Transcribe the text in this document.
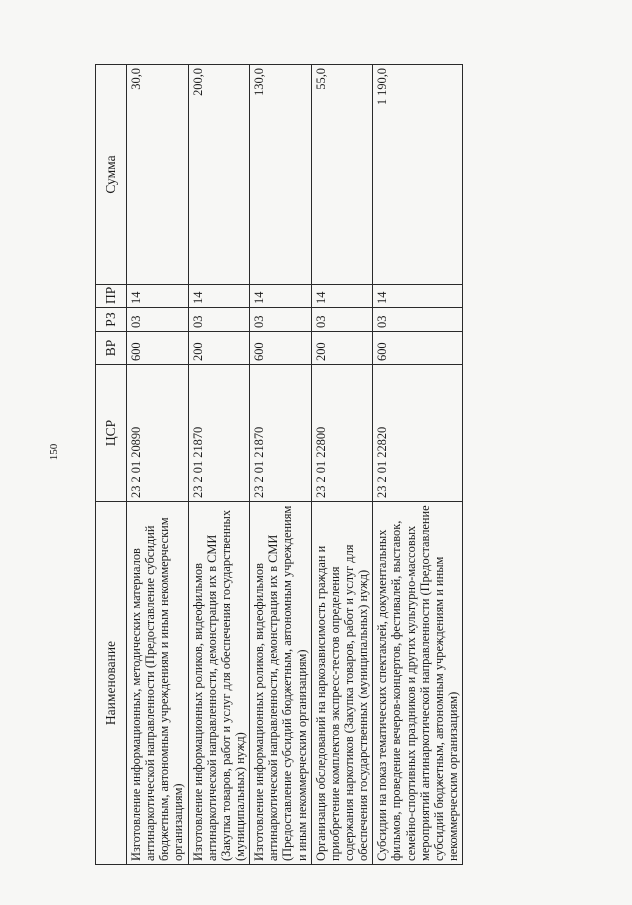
150
Наименование	ЦСР	ВР	РЗ	ПР	Сумма
Изготовление информационных, методических материалов антинаркотической направленности (Предоставление субсидий бюджетным, автономным учреждениям и иным некоммерческим организациям)	23 2 01 20890	600	03	14	30,0
Изготовление информационных роликов, видеофильмов антинаркотической направленности, демонстрация их в СМИ (Закупка товаров, работ и услуг для обеспечения государственных (муниципальных) нужд)	23 2 01 21870	200	03	14	200,0
Изготовление информационных роликов, видеофильмов антинаркотической направленности, демонстрация их в СМИ (Предоставление субсидий бюджетным, автономным учреждениям и иным некоммерческим организациям)	23 2 01 21870	600	03	14	130,0
Организация обследований на наркозависимость граждан и приобретение комплектов экспресс-тестов определения содержания наркотиков (Закупка товаров, работ и услуг для обеспечения государственных (муниципальных) нужд)	23 2 01 22800	200	03	14	55,0
Субсидии на показ тематических спектаклей, документальных фильмов, проведение вечеров-концертов, фестивалей, выставок, семейно-спортивных праздников и других культурно-массовых мероприятий антинаркотической направленности (Предоставление субсидий бюджетным, автономным учреждениям и иным некоммерческим организациям)	23 2 01 22820	600	03	14	1 190,0
